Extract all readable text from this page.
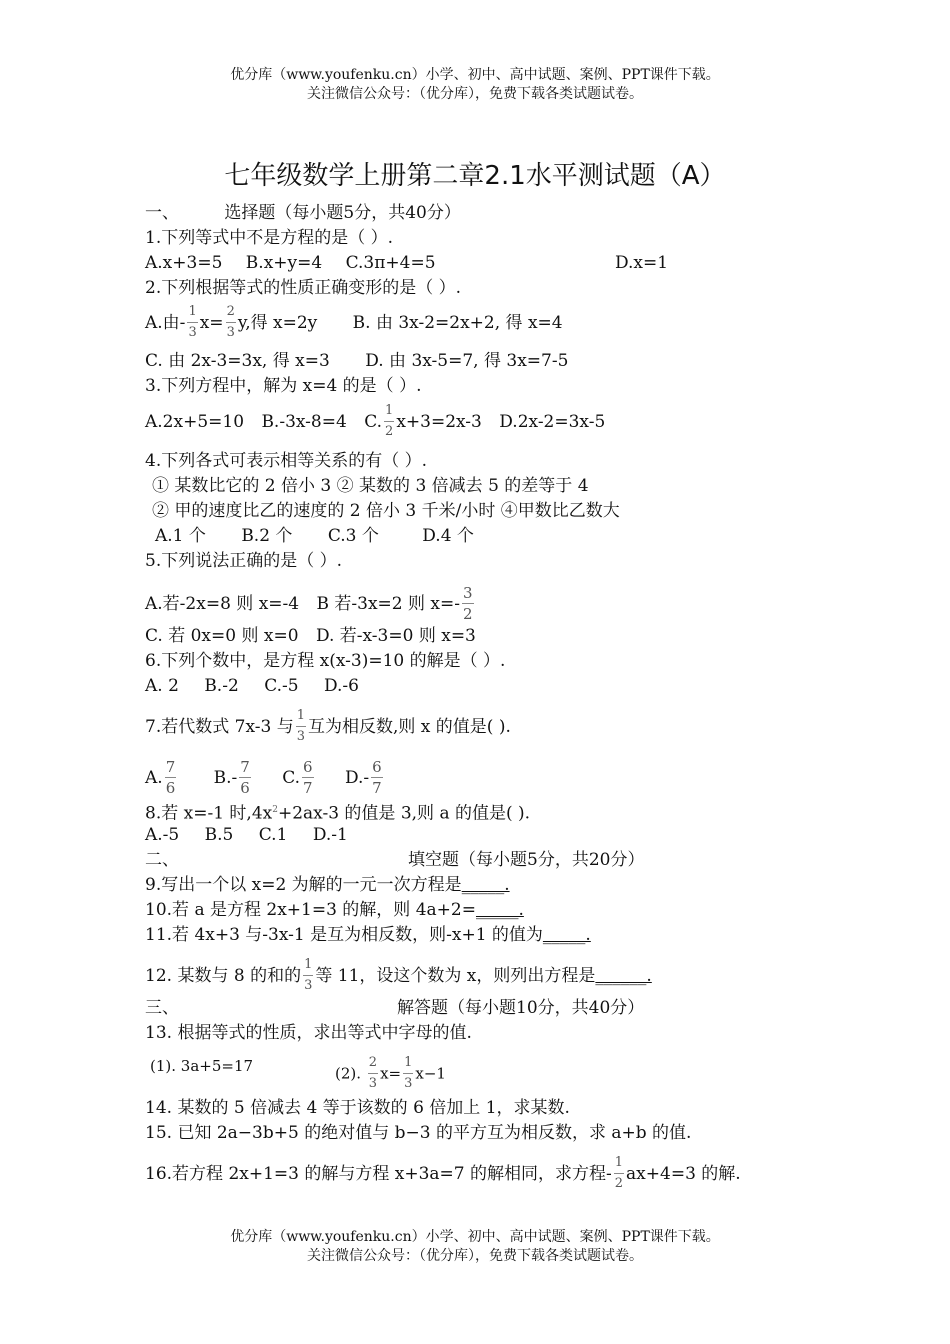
优分库（www.youfenku.cn）小学、初中、高中试题、案例、PPT课件下载。
关注微信公众号：（优分库），免费下载各类试题试卷。
七年级数学上册第二章2.1水平测试题（A）
一、	选择题（每小题5分，共40分）
1.下列等式中不是方程的是（ ）.
A.x+3=5 B.x+y=4 C.3π+4=5	D.x=1
2.下列根据等式的性质正确变形的是（ ）.
A.由- $\frac{1}{3} x= \frac{2}{3} y$,得 x=2y B. 由 3x-2=2x+2, 得 x=4
C. 由 2x-3=3x, 得 x=3 D. 由 3x-5=7, 得 3x=7-5
3.下列方程中，解为 x=4 的是（ ）.
A.2x+5=10 B.-3x-8=4 C. $\frac{1}{2} x+3=2x-3$ D.2x-2=3x-5
4.下列各式可表示相等关系的有（ ）.
① 某数比它的 2 倍小 3 ② 某数的 3 倍减去 5 的差等于 4
② 甲的速度比乙的速度的 2 倍小 3 千米/小时 ④甲数比乙数大
A.1 个 B.2 个 C.3 个	D.4 个
5.下列说法正确的是（ ）.
A.若-2x=8 则 x=-4 B 若-3x=2 则 $x=- \frac{3}{2}$
C. 若 0x=0 则 x=0 D. 若-x-3=0 则 x=3
6.下列个数中，是方程 x(x-3)=10 的解是（ ）.
A. 2 B.-2 C.-5 D.-6
7.若代数式 7x-3 与 $\frac{1}{3}$ 互为相反数,则 x 的值是( ).
A. $\frac{7}{6} B.- \frac{7}{6} C$. $\frac{6}{7} D.- \frac{6}{7}$
8.若 x=-1 时$,4x^2+2ax-3$ 的值是 3,则 a 的值是( ).
A.-5 B.5 C.1 D.-1
二、	填空题（每小题5分，共20分）
9.写出一个以 x=2 为解的一元一次方程是_____.
10.若 a 是方程 2x+1=3 的解，则 4a+2=_____.
11.若 4x+3 与-3x-1 是互为相反数，则-x+1 的值为_____.
12. 某数与 8 的和的 $\frac{1}{3}$ 等 11，设这个数为 x，则列出方程是______.
三、	解答题（每小题10分，共40分）
13. 根据等式的性质，求出等式中字母的值.
(1). 3a+5=17	(2). $\frac{2}{3} x= \frac{1}{3} x-1$
14. 某数的 5 倍减去 4 等于该数的 6 倍加上 1，求某数.
15. 已知 2a−3b+5 的绝对值与 b−3 的平方互为相反数，求 a+b 的值.
16.若方程 2x+1=3 的解与方程 x+3a=7 的解相同，求方程- $\frac{1}{2} ax+4=3$ 的解.
优分库（www.youfenku.cn）小学、初中、高中试题、案例、PPT课件下载。
关注微信公众号：（优分库），免费下载各类试题试卷。
